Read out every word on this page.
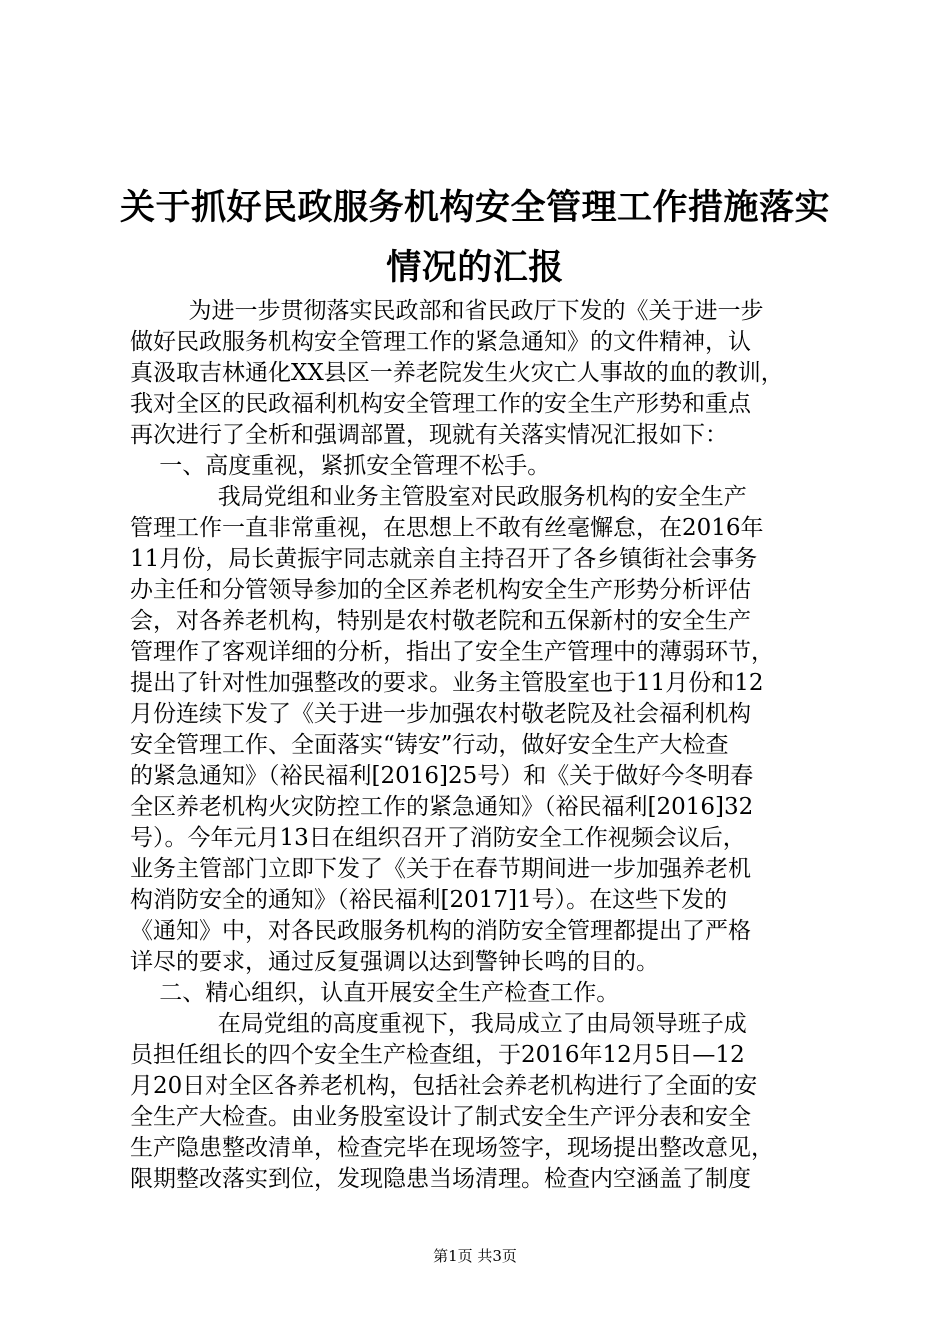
关于抓好民政服务机构安全管理工作措施落实
情况的汇报
为进一步贯彻落实民政部和省民政厅下发的《关于进一步
做好民政服务机构安全管理工作的紧急通知》的文件精神，认
真汲取吉林通化XX县区一养老院发生火灾亡人事故的血的教训，
我对全区的民政福利机构安全管理工作的安全生产形势和重点
再次进行了全析和强调部置，现就有关落实情况汇报如下：
一、高度重视，紧抓安全管理不松手。
我局党组和业务主管股室对民政服务机构的安全生产
管理工作一直非常重视，在思想上不敢有丝毫懈怠，在2016年
11月份，局长黄振宇同志就亲自主持召开了各乡镇街社会事务
办主任和分管领导参加的全区养老机构安全生产形势分析评估
会，对各养老机构，特别是农村敬老院和五保新村的安全生产
管理作了客观详细的分析，指出了安全生产管理中的薄弱环节，
提出了针对性加强整改的要求。业务主管股室也于11月份和12
月份连续下发了《关于进一步加强农村敬老院及社会福利机构
安全管理工作、全面落实“铸安”行动，做好安全生产大检查
的紧急通知》（裕民福利[2016]25号）和《关于做好今冬明春
全区养老机构火灾防控工作的紧急通知》（裕民福利[2016]32
号）。今年元月13日在组织召开了消防安全工作视频会议后，
业务主管部门立即下发了《关于在春节期间进一步加强养老机
构消防安全的通知》（裕民福利[2017]1号）。在这些下发的
《通知》中，对各民政服务机构的消防安全管理都提出了严格
详尽的要求，通过反复强调以达到警钟长鸣的目的。
二、精心组织，认直开展安全生产检查工作。
在局党组的高度重视下，我局成立了由局领导班子成
员担任组长的四个安全生产检查组，于2016年12月5日—12
月20日对全区各养老机构，包括社会养老机构进行了全面的安
全生产大检查。由业务股室设计了制式安全生产评分表和安全
生产隐患整改清单，检查完毕在现场签字，现场提出整改意见，
限期整改落实到位，发现隐患当场清理。检查内空涵盖了制度
第1页 共3页
